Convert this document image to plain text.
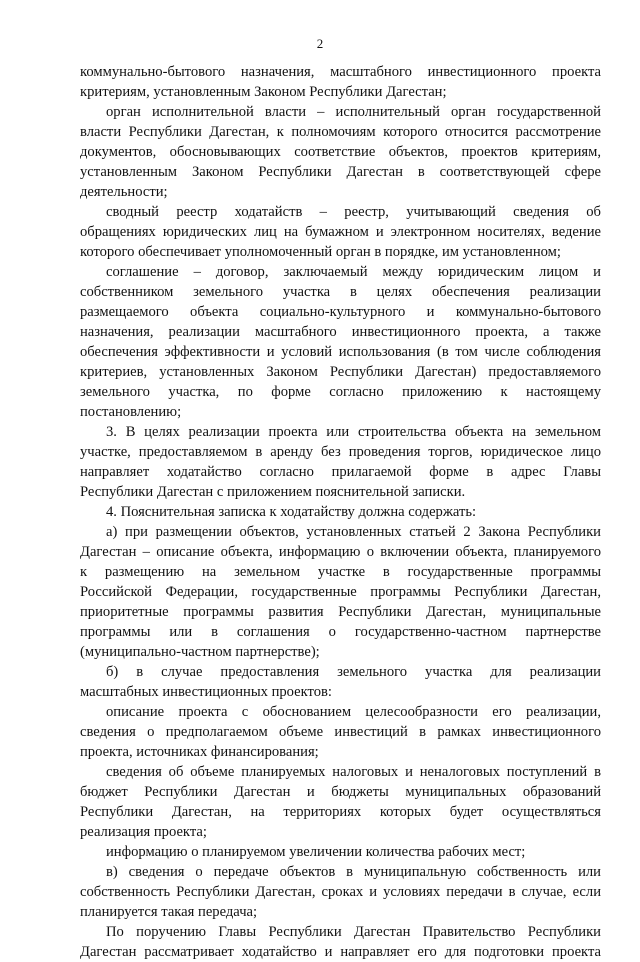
2
коммунально-бытового назначения, масштабного инвестиционного проекта
критериям, установленным Законом Республики Дагестан;
орган исполнительной власти – исполнительный орган государственной
власти Республики Дагестан, к полномочиям которого относится рассмотрение
документов, обосновывающих соответствие объектов, проектов критериям,
установленным Законом Республики Дагестан в соответствующей сфере
деятельности;
сводный реестр ходатайств – реестр, учитывающий сведения об
обращениях юридических лиц на бумажном и электронном носителях, ведение
которого обеспечивает уполномоченный орган в порядке, им установленном;
соглашение – договор, заключаемый между юридическим лицом и
собственником земельного участка в целях обеспечения реализации
размещаемого объекта социально-культурного и коммунально-бытового
назначения, реализации масштабного инвестиционного проекта, а также
обеспечения эффективности и условий использования (в том числе соблюдения
критериев, установленных Законом Республики Дагестан) предоставляемого
земельного участка, по форме согласно приложению к настоящему
постановлению;
3. В целях реализации проекта или строительства объекта на земельном
участке, предоставляемом в аренду без проведения торгов, юридическое лицо
направляет ходатайство согласно прилагаемой форме в адрес Главы
Республики Дагестан с приложением пояснительной записки.
4. Пояснительная записка к ходатайству должна содержать:
а) при размещении объектов, установленных статьей 2 Закона Республики
Дагестан – описание объекта, информацию о включении объекта, планируемого
к размещению на земельном участке в государственные программы
Российской Федерации, государственные программы Республики Дагестан,
приоритетные программы развития Республики Дагестан, муниципальные
программы или в соглашения о государственно-частном партнерстве
(муниципально-частном партнерстве);
б) в случае предоставления земельного участка для реализации
масштабных инвестиционных проектов:
описание проекта с обоснованием целесообразности его реализации,
сведения о предполагаемом объеме инвестиций в рамках инвестиционного
проекта, источниках финансирования;
сведения об объеме планируемых налоговых и неналоговых поступлений в
бюджет Республики Дагестан и бюджеты муниципальных образований
Республики Дагестан, на территориях которых будет осуществляться
реализация проекта;
информацию о планируемом увеличении количества рабочих мест;
в) сведения о передаче объектов в муниципальную собственность или
собственность Республики Дагестан, сроках и условиях передачи в случае, если
планируется такая передача;
По поручению Главы Республики Дагестан Правительство Республики
Дагестан рассматривает ходатайство и направляет его для подготовки проекта
